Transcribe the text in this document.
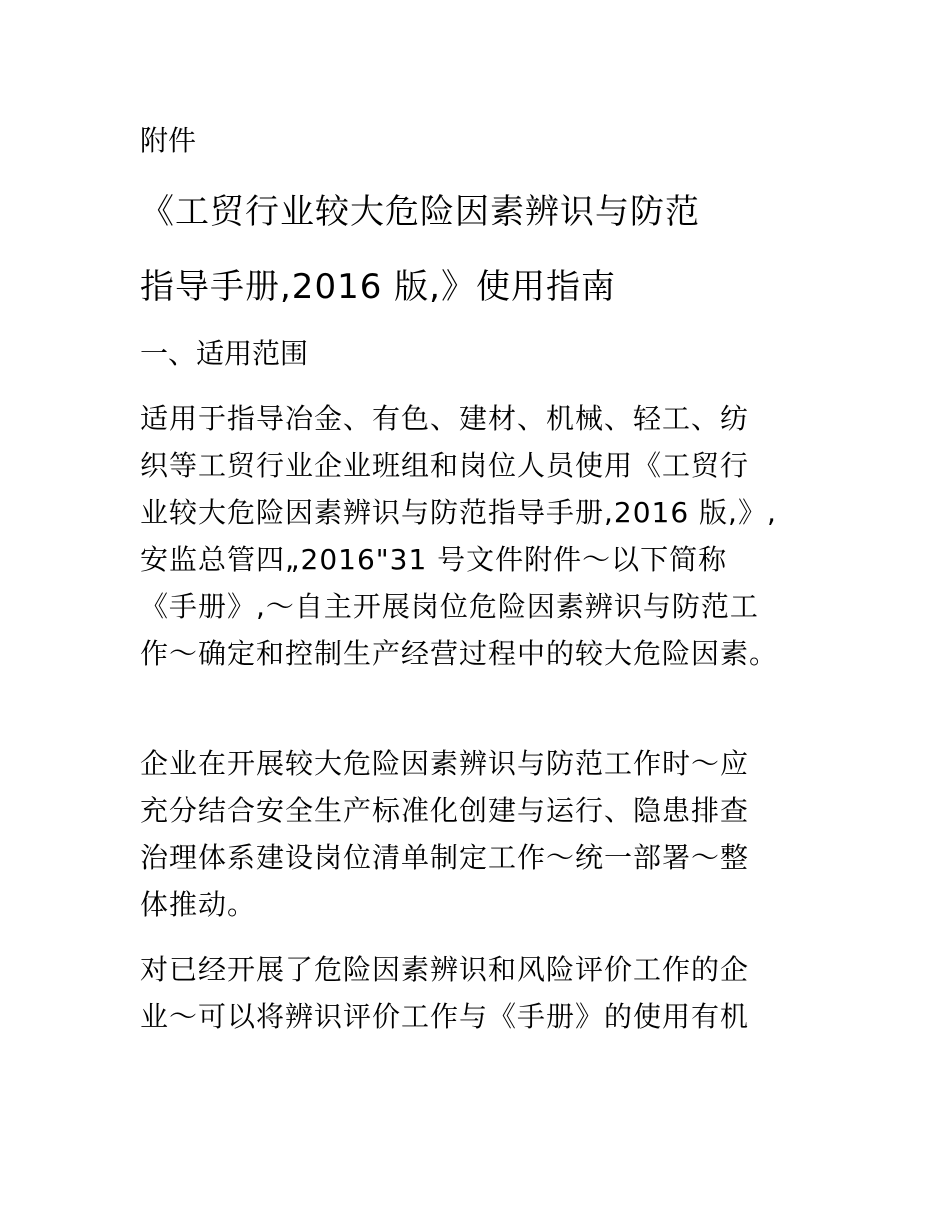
附件
《工贸行业较大危险因素辨识与防范
指导手册,2016 版,》使用指南
一、适用范围
适用于指导冶金、有色、建材、机械、轻工、纺
织等工贸行业企业班组和岗位人员使用《工贸行
业较大危险因素辨识与防范指导手册,2016 版,》,
安监总管四„2016"31 号文件附件～以下简称
《手册》,～自主开展岗位危险因素辨识与防范工
作～确定和控制生产经营过程中的较大危险因素。
企业在开展较大危险因素辨识与防范工作时～应
充分结合安全生产标准化创建与运行、隐患排查
治理体系建设岗位清单制定工作～统一部署～整
体推动。
对已经开展了危险因素辨识和风险评价工作的企
业～可以将辨识评价工作与《手册》的使用有机
